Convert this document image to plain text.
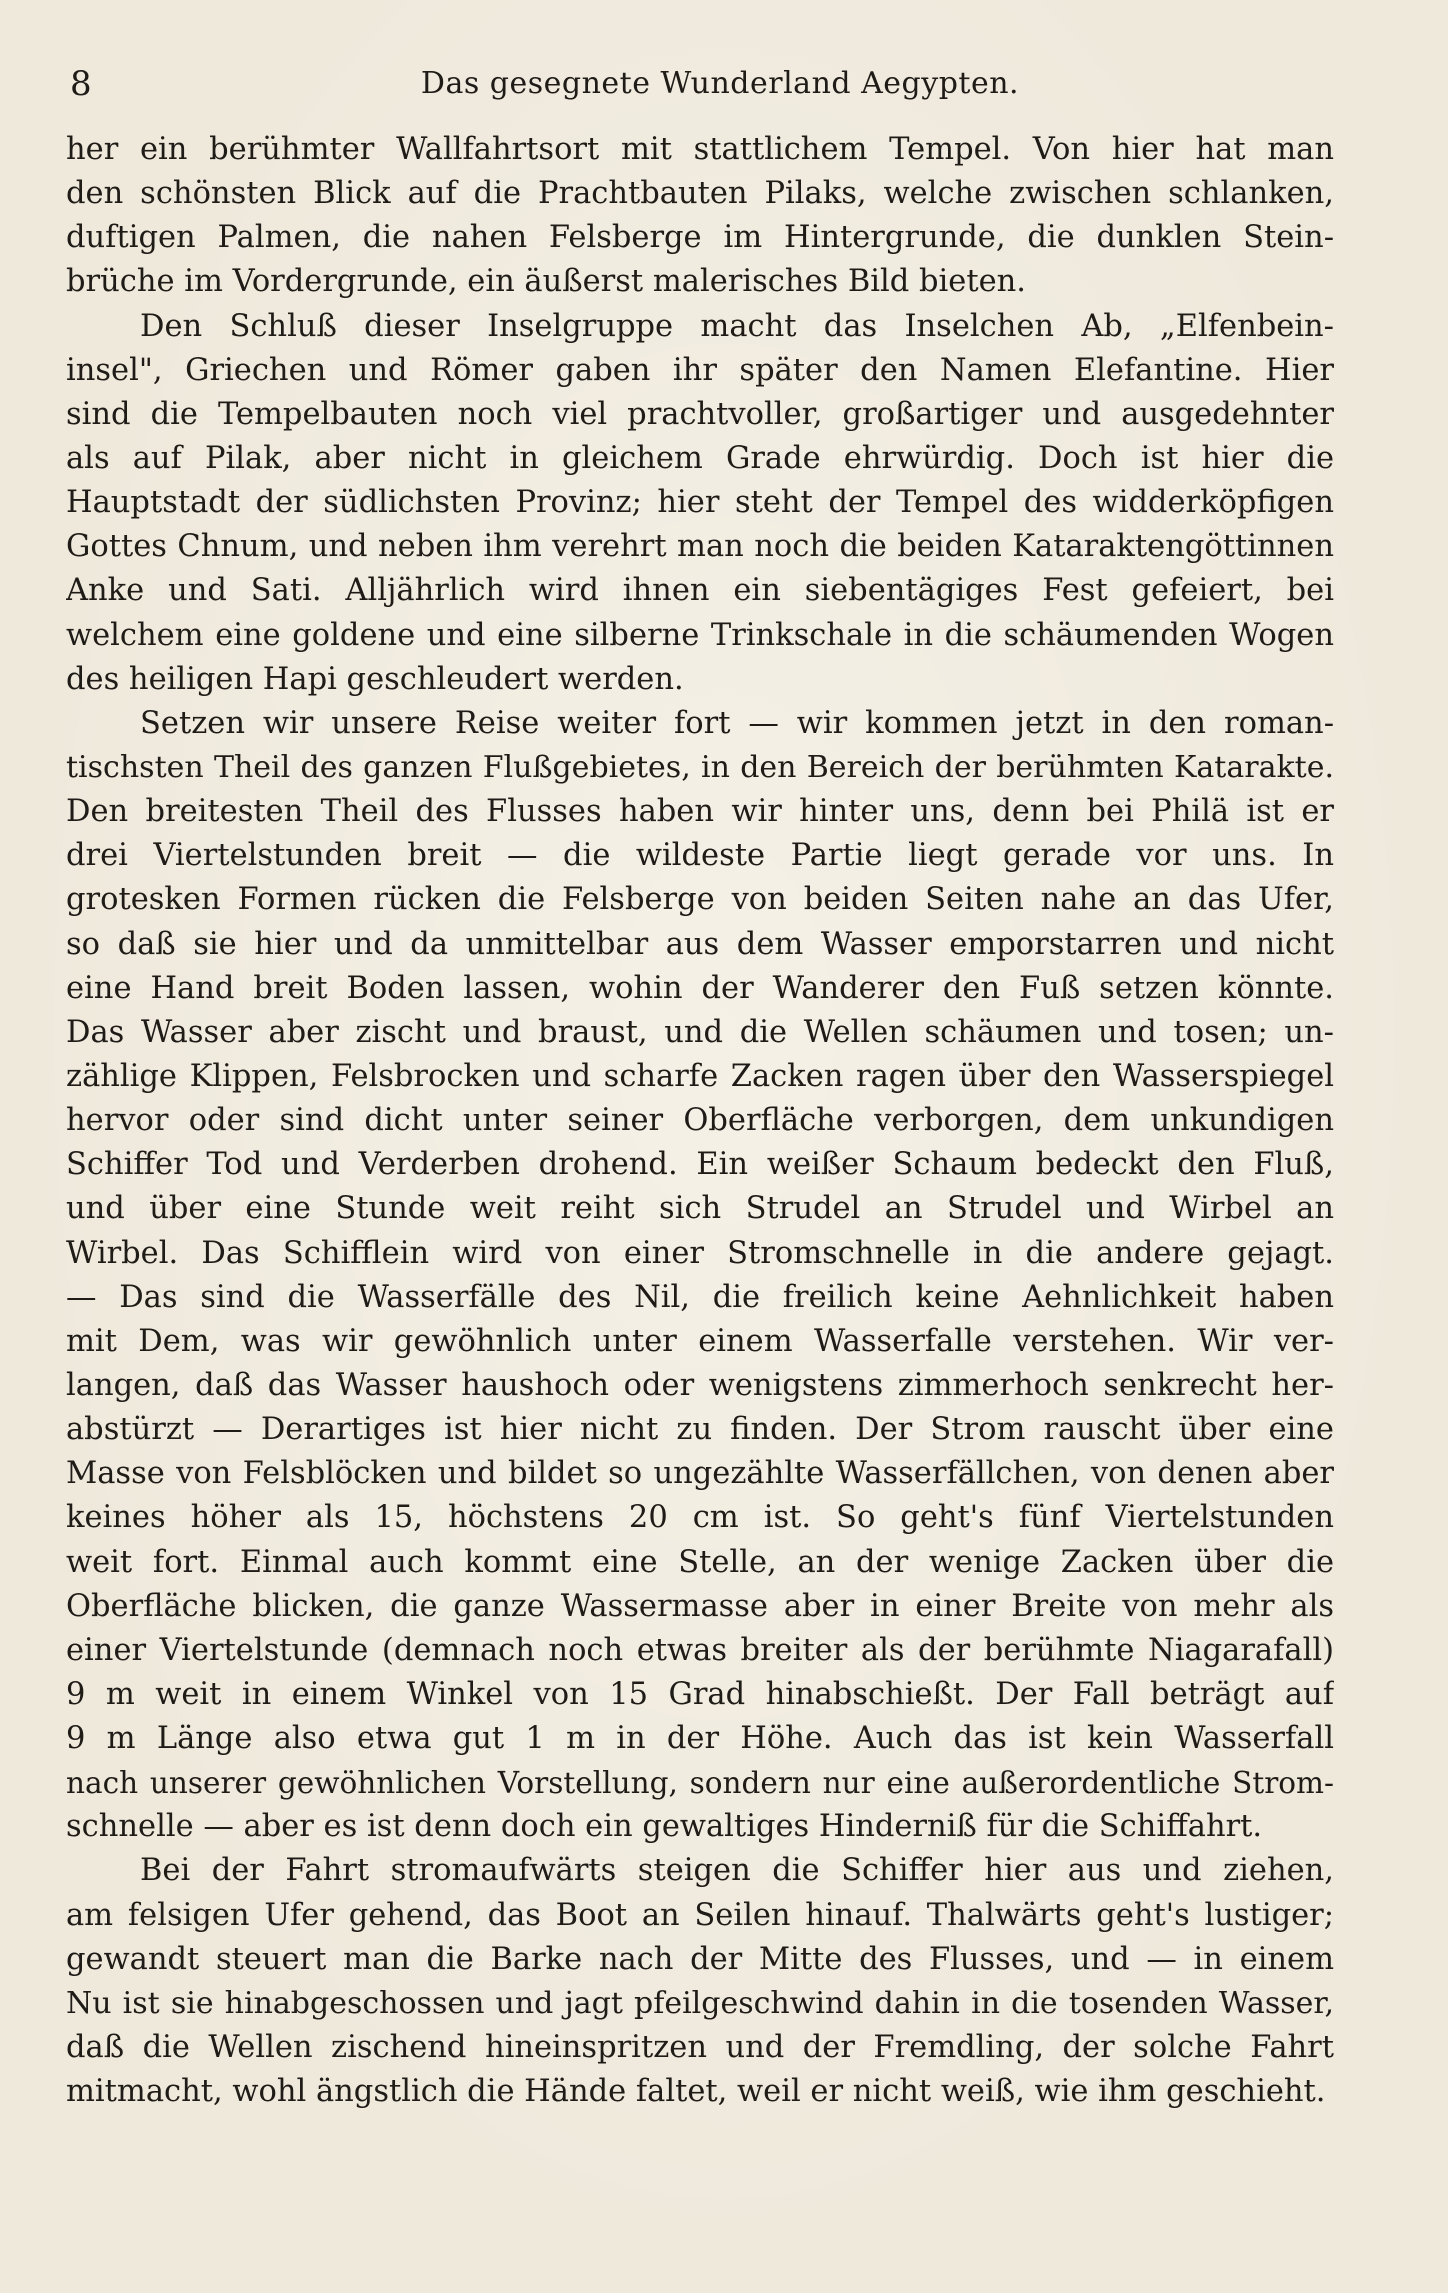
Das gesegnete Wunderland Aegypten.
8
her ein berühmter Wallfahrtsort mit stattlichem Tempel. Von hier hat man
den schönsten Blick auf die Prachtbauten Pilaks, welche zwischen schlanken,
duftigen Palmen, die nahen Felsberge im Hintergrunde, die dunklen Stein-
brüche im Vordergrunde, ein äußerst malerisches Bild bieten.
Den Schluß dieser Inselgruppe macht das Inselchen Ab, „Elfenbein-
insel", Griechen und Römer gaben ihr später den Namen Elefantine. Hier
sind die Tempelbauten noch viel prachtvoller, großartiger und ausgedehnter
als auf Pilak, aber nicht in gleichem Grade ehrwürdig. Doch ist hier die
Hauptstadt der südlichsten Provinz; hier steht der Tempel des widderköpfigen
Gottes Chnum, und neben ihm verehrt man noch die beiden Kataraktengöttinnen
Anke und Sati. Alljährlich wird ihnen ein siebentägiges Fest gefeiert, bei
welchem eine goldene und eine silberne Trinkschale in die schäumenden Wogen
des heiligen Hapi geschleudert werden.
Setzen wir unsere Reise weiter fort — wir kommen jetzt in den roman-
tischsten Theil des ganzen Flußgebietes, in den Bereich der berühmten Katarakte.
Den breitesten Theil des Flusses haben wir hinter uns, denn bei Philä ist er
drei Viertelstunden breit — die wildeste Partie liegt gerade vor uns. In
grotesken Formen rücken die Felsberge von beiden Seiten nahe an das Ufer,
so daß sie hier und da unmittelbar aus dem Wasser emporstarren und nicht
eine Hand breit Boden lassen, wohin der Wanderer den Fuß setzen könnte.
Das Wasser aber zischt und braust, und die Wellen schäumen und tosen; un-
zählige Klippen, Felsbrocken und scharfe Zacken ragen über den Wasserspiegel
hervor oder sind dicht unter seiner Oberfläche verborgen, dem unkundigen
Schiffer Tod und Verderben drohend. Ein weißer Schaum bedeckt den Fluß,
und über eine Stunde weit reiht sich Strudel an Strudel und Wirbel an
Wirbel. Das Schifflein wird von einer Stromschnelle in die andere gejagt.
— Das sind die Wasserfälle des Nil, die freilich keine Aehnlichkeit haben
mit Dem, was wir gewöhnlich unter einem Wasserfalle verstehen. Wir ver-
langen, daß das Wasser haushoch oder wenigstens zimmerhoch senkrecht her-
abstürzt — Derartiges ist hier nicht zu finden. Der Strom rauscht über eine
Masse von Felsblöcken und bildet so ungezählte Wasserfällchen, von denen aber
keines höher als 15, höchstens 20 cm ist. So geht's fünf Viertelstunden
weit fort. Einmal auch kommt eine Stelle, an der wenige Zacken über die
Oberfläche blicken, die ganze Wassermasse aber in einer Breite von mehr als
einer Viertelstunde (demnach noch etwas breiter als der berühmte Niagarafall)
9 m weit in einem Winkel von 15 Grad hinabschießt. Der Fall beträgt auf
9 m Länge also etwa gut 1 m in der Höhe. Auch das ist kein Wasserfall
nach unserer gewöhnlichen Vorstellung, sondern nur eine außerordentliche Strom-
schnelle — aber es ist denn doch ein gewaltiges Hinderniß für die Schiffahrt.
Bei der Fahrt stromaufwärts steigen die Schiffer hier aus und ziehen,
am felsigen Ufer gehend, das Boot an Seilen hinauf. Thalwärts geht's lustiger;
gewandt steuert man die Barke nach der Mitte des Flusses, und — in einem
Nu ist sie hinabgeschossen und jagt pfeilgeschwind dahin in die tosenden Wasser,
daß die Wellen zischend hineinspritzen und der Fremdling, der solche Fahrt
mitmacht, wohl ängstlich die Hände faltet, weil er nicht weiß, wie ihm geschieht.
